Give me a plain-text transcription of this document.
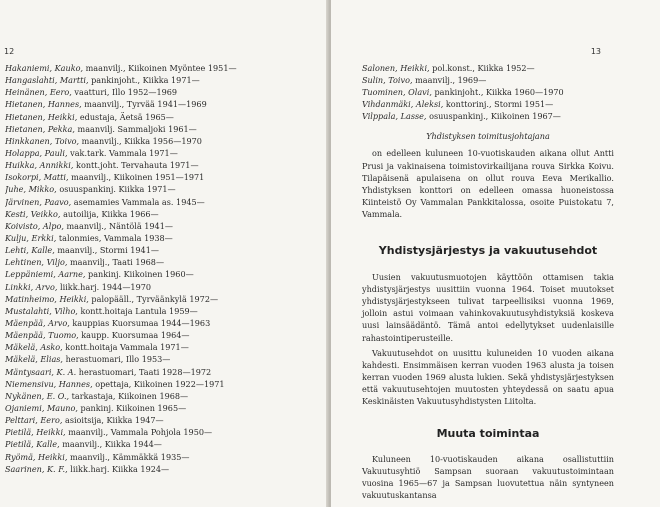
12
Hakaniemi, Kauko, maanvilj., Kiikoinen Myöntee 1951—
Hangaslahti, Martti, pankinjoht., Kiikka 1971—
Heinänen, Eero, vaatturi, Illo 1952—1969
Hietanen, Hannes, maanvilj., Tyrvää 1941—1969
Hietanen, Heikki, edustaja, Äetsä 1965—
Hietanen, Pekka, maanvilj. Sammaljoki 1961—
Hinkkanen, Toivo, maanvilj., Kiikka 1956—1970
Holappa, Pauli, vak.tark. Vammala 1971—
Huikka, Annikki, kontt.joht. Tervahauta 1971—
Isokorpi, Matti, maanvilj., Kiikoinen 1951—1971
Juhe, Mikko, osuuspankinj. Kiikka 1971—
Järvinen, Paavo, asemamies Vammala as. 1945—
Kesti, Veikko, autoilija, Kiikka 1966—
Koivisto, Alpo, maanvilj., Näntölä 1941—
Kulju, Erkki, talonmies, Vammala 1938—
Lehti, Kalle, maanvilj., Stormi 1941—
Lehtinen, Viljo, maanvilj., Taati 1968—
Leppäniemi, Aarne, pankinj. Kiikoinen 1960—
Linkki, Arvo, liikk.harj. 1944—1970
Matinheimo, Heikki, palopääll., Tyrväänkylä 1972—
Mustalahti, Vilho, kontt.hoitaja Lantula 1959—
Mäenpää, Arvo, kauppias Kuorsumaa 1944—1963
Mäenpää, Tuomo, kaupp. Kuorsumaa 1964—
Mäkelä, Asko, kontt.hoitaja Vammala 1971—
Mäkelä, Elias, herastuomari, Illo 1953—
Mäntysaari, K. A. herastuomari, Taati 1928—1972
Niemensivu, Hannes, opettaja, Kiikoinen 1922—1971
Nykänen, E. O., tarkastaja, Kiikoinen 1968—
Ojaniemi, Mauno, pankinj. Kiikoinen 1965—
Pelttari, Eero, asioitsija, Kiikka 1947—
Pietilä, Heikki, maanvilj., Vammala Pohjola 1950—
Pietilä, Kalle, maanvilj., Kiikka 1944—
Ryömä, Heikki, maanvilj., Kämmäkkä 1935—
Saarinen, K. F., liikk.harj. Kiikka 1924—
13
Salonen, Heikki, pol.konst., Kiikka 1952—
Sulin, Toivo, maanvilj., 1969—
Tuominen, Olavi, pankinjoht., Kiikka 1960—1970
Vihdanmäki, Aleksi, konttorinj., Stormi 1951—
Vilppala, Lasse, osuuspankinj., Kiikoinen 1967—
Yhdistyksen toimitusjohtajana

on edelleen kuluneen 10-vuotiskauden aikana ollut Antti Prusi ja vakinaisena toimistovirkailijana rouva Sirkka Koivu. Tilapäisenä apulaisena on ollut rouva Eeva Merikallio. Yhdistyksen konttori on edelleen omassa huoneistossa Kiinteistö Oy Vammalan Pankkitalossa, osoite Puistokatu 7, Vammala.

Yhdistysjärjestys ja vakuutusehdot

Uusien vakuutusmuotojen käyttöön ottamisen takia yhdistysjärjestys uusittiin vuonna 1964. Toiset muutokset yhdistysjärjestykseen tulivat tarpeellisiksi vuonna 1969, jolloin astui voimaan vahinkovakuutusyhdistyksiä koskeva uusi lainsäädäntö. Tämä antoi edellytykset uudenlaisille rahastointiperusteille.

Vakuutusehdot on uusittu kuluneiden 10 vuoden aikana kahdesti. Ensimmäisen kerran vuoden 1963 alusta ja toisen kerran vuoden 1969 alusta lukien. Sekä yhdistysjärjestyksen että vakuutusehtojen muutosten yhteydessä on saatu apua Keskinäisten Vakuutusyhdistysten Liitolta.

Muuta toimintaa

Kuluneen 10-vuotiskauden aikana osallistuttiin Vakuutusyhtiö Sampsan suoraan vakuutustoimintaan vuosina 1965—67 ja Sampsan luovutettua näin syntyneen vakuutuskantansa
